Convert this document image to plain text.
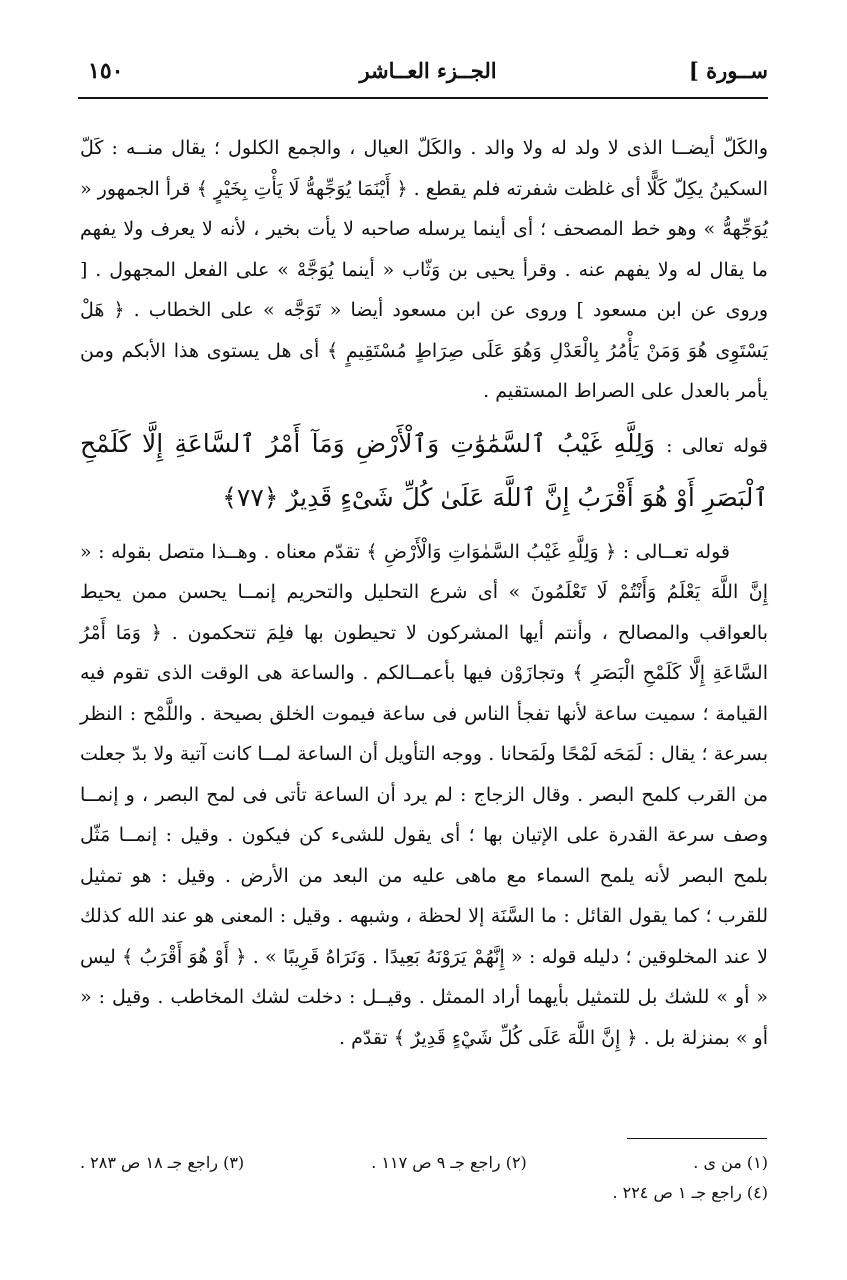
١٥٠	الجــزء العــاشر	[ ســورة

والكَلّ أيضــا الذى لا ولد له ولا والد . والكَلّ العيال ، والجمع الكلول ؛ يقال منــه : كَلّ السكينُ يكِلّ كَلًّا أى غلظت شفرته فلم يقطع . ﴿ أَيْنَمَا يُوَجِّههُّ لَا يَأْتِ بِخَيْرٍ ﴾ قرأ الجمهور « يُوَجِّههُّ » وهو خط المصحف ؛ أى أينما يرسله صاحبه لا يأت بخير ، لأنه لا يعرف ولا يفهم ما يقال له ولا يفهم عنه . وقرأ يحيى بن وَثّاب « أينما يُوَجَّهْ » على الفعل المجهول . [ وروى عن ابن مسعود ] وروى عن ابن مسعود أيضا « تَوَجَّه » على الخطاب . ﴿ هَلْ يَسْتَوِى هُوَ وَمَنْ يَأْمُرُ بِالْعَدْلِ وَهُوَ عَلَى صِرَاطٍ مُسْتَقِيمٍ ﴾ أى هل يستوى هذا الأبكم ومن يأمر بالعدل على الصراط المستقيم .

قوله تعالى : وَلِلَّهِ غَيْبُ ٱلسَّمَٰوَٰتِ وَٱلْأَرْضِ وَمَآ أَمْرُ ٱلسَّاعَةِ إِلَّا كَلَمْحِ ٱلْبَصَرِ أَوْ هُوَ أَقْرَبُ إِنَّ ٱللَّهَ عَلَىٰ كُلِّ شَىْءٍ قَدِيرٌ ﴿٧٧﴾

قوله تعــالى : ﴿ وَلِلَّهِ غَيْبُ السَّمٰوَاتِ وَالْأَرْضِ ﴾ تقدّم معناه . وهــذا متصل بقوله : « إِنَّ اللَّهَ يَعْلَمُ وَأَنْتُمْ لَا تَعْلَمُونَ » أى شرع التحليل والتحريم إنمــا يحسن ممن يحيط بالعواقب والمصالح ، وأنتم أيها المشركون لا تحيطون بها فلِمَ تتحكمون . ﴿ وَمَا أَمْرُ السَّاعَةِ إِلَّا كَلَمْحِ الْبَصَرِ ﴾ وتجازَوْن فيها بأعمــالكم . والساعة هى الوقت الذى تقوم فيه القيامة ؛ سميت ساعة لأنها تفجأ الناس فى ساعة فيموت الخلق بصيحة . واللَّمْح : النظر بسرعة ؛ يقال : لَمَحَه لَمْحًا ولَمَحانا . ووجه التأويل أن الساعة لمــا كانت آتية ولا بدّ جعلت من القرب كلمح البصر . وقال الزجاج : لم يرد أن الساعة تأتى فى لمح البصر ، و إنمــا وصف سرعة القدرة على الإتيان بها ؛ أى يقول للشىء كن فيكون . وقيل : إنمــا مَثّل بلمح البصر لأنه يلمح السماء مع ماهى عليه من البعد من الأرض . وقيل : هو تمثيل للقرب ؛ كما يقول القائل : ما السَّنَة إلا لحظة ، وشبهه . وقيل : المعنى هو عند الله كذلك لا عند المخلوقين ؛ دليله قوله : « إِنَّهُمْ يَرَوْنَهُ بَعِيدًا . وَنَرَاهُ قَرِيبًا » . ﴿ أَوْ هُوَ أَقْرَبُ ﴾ ليس « أو » للشك بل للتمثيل بأيهما أراد الممثل . وقيــل : دخلت لشك المخاطب . وقيل : « أو » بمنزلة بل . ﴿ إِنَّ اللَّهَ عَلَى كُلِّ شَيْءٍ قَدِيرٌ ﴾ تقدّم .

(١) من ى .
(٢) راجع جـ ٩ ص ١١٧ .
(٣) راجع جـ ١٨ ص ٢٨٣ .
(٤) راجع جـ ١ ص ٢٢٤ .
